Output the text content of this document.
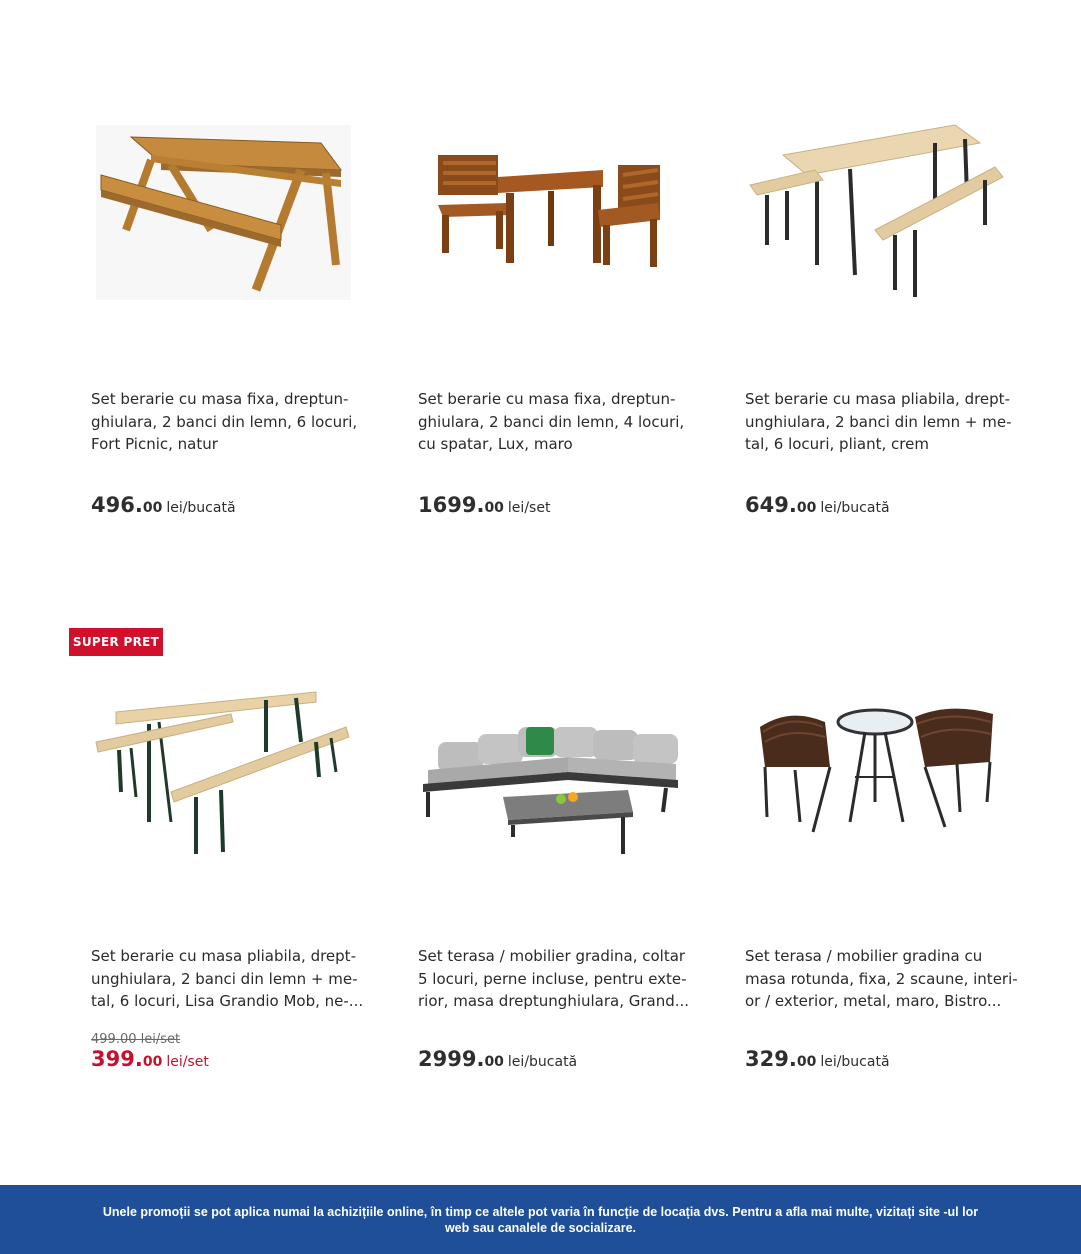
Set berarie cu masa fixa, dreptun-
ghiulara, 2 banci din lemn, 6 locuri,
Fort Picnic, natur

496.00 lei/bucată

Set berarie cu masa fixa, dreptun-
ghiulara, 2 banci din lemn, 4 locuri,
cu spatar, Lux, maro

1699.00 lei/set

Set berarie cu masa pliabila, drept-
unghiulara, 2 banci din lemn + me-
tal, 6 locuri, pliant, crem

649.00 lei/bucată
SUPER PRET

Set berarie cu masa pliabila, drept-
unghiulara, 2 banci din lemn + me-
tal, 6 locuri, Lisa Grandio Mob, ne-...

499.00 lei/set
399.00 lei/set

Set terasa / mobilier gradina, coltar
5 locuri, perne incluse, pentru exte-
rior, masa dreptunghiulara, Grand...

2999.00 lei/bucată

Set terasa / mobilier gradina cu
masa rotunda, fixa, 2 scaune, interi-
or / exterior, metal, maro, Bistro...

329.00 lei/bucată

Unele promoții se pot aplica numai la achizițiile online, în timp ce altele pot varia în funcție de locația dvs. Pentru a afla mai multe, vizitați site -ul lor web sau canalele de socializare.
